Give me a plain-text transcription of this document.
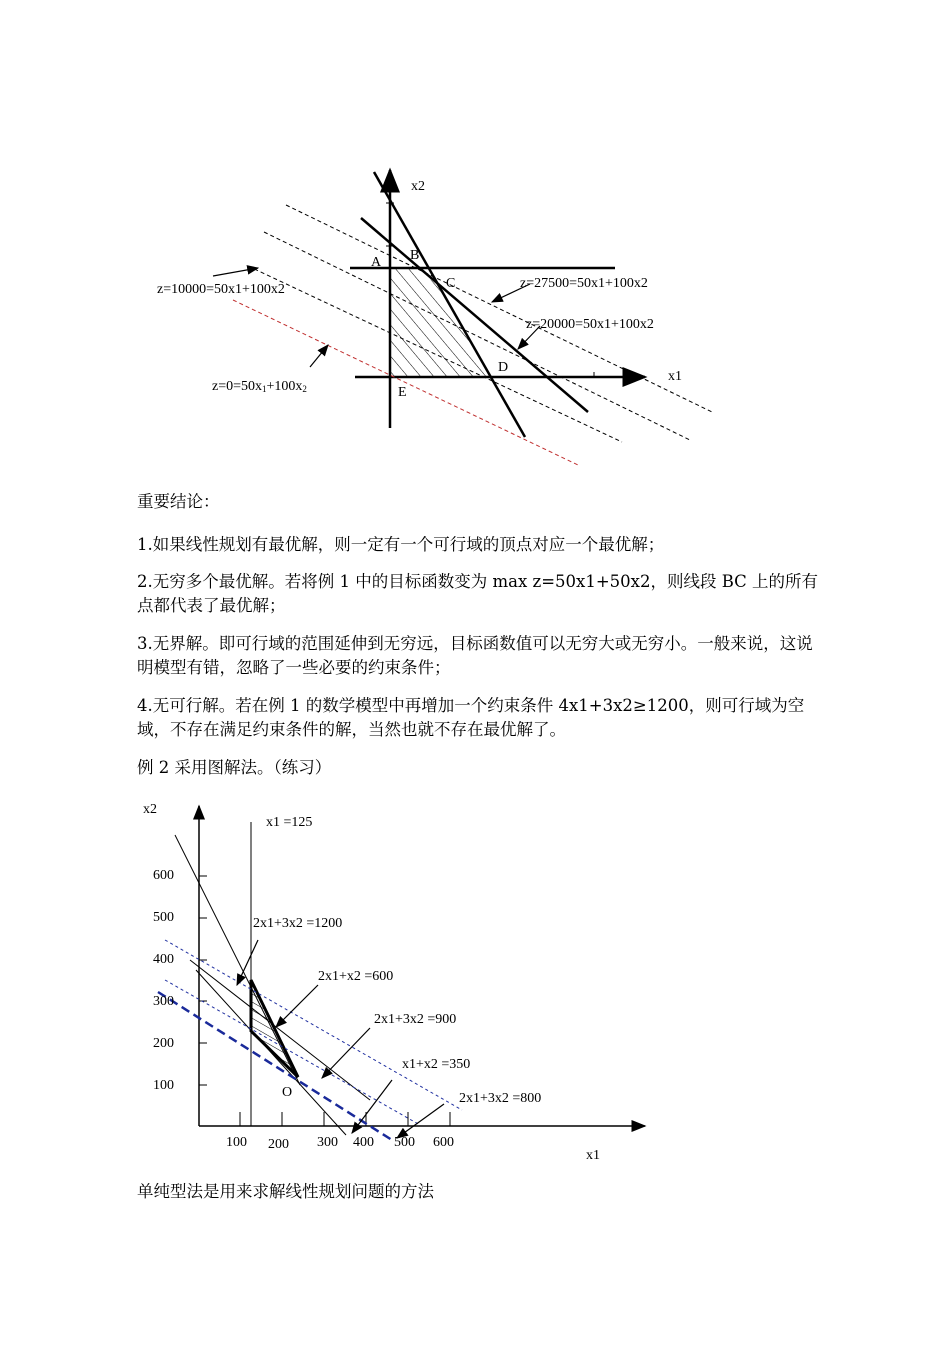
x2
x1
A B
C
D
E
z=10000=50x1+100x2	z=27500=50x1+100x2
z=20000=50x1+100x2
$z=0=50x_1+100x_2$

重要结论：

1.如果线性规划有最优解，则一定有一个可行域的顶点对应一个最优解；

2.无穷多个最优解。若将例 1 中的目标函数变为 max z=50x1+50x2，则线段 BC 上的所有点都代表了最优解；

3.无界解。即可行域的范围延伸到无穷远，目标函数值可以无穷大或无穷小。一般来说，这说明模型有错，忽略了一些必要的约束条件；

4.无可行解。若在例 1 的数学模型中再增加一个约束条件 4x1+3x2≥1200，则可行域为空域，不存在满足约束条件的解，当然也就不存在最优解了。

例 2 采用图解法。（练习）

x2
x1
600
500
400
300
200
100
100 200 300 400 500 600
O
x1 =125
2x1+3x2 =1200
2x1+x2 =600
2x1+3x2 =900
x1+x2 =350
2x1+3x2 =800

单纯型法是用来求解线性规划问题的方法
